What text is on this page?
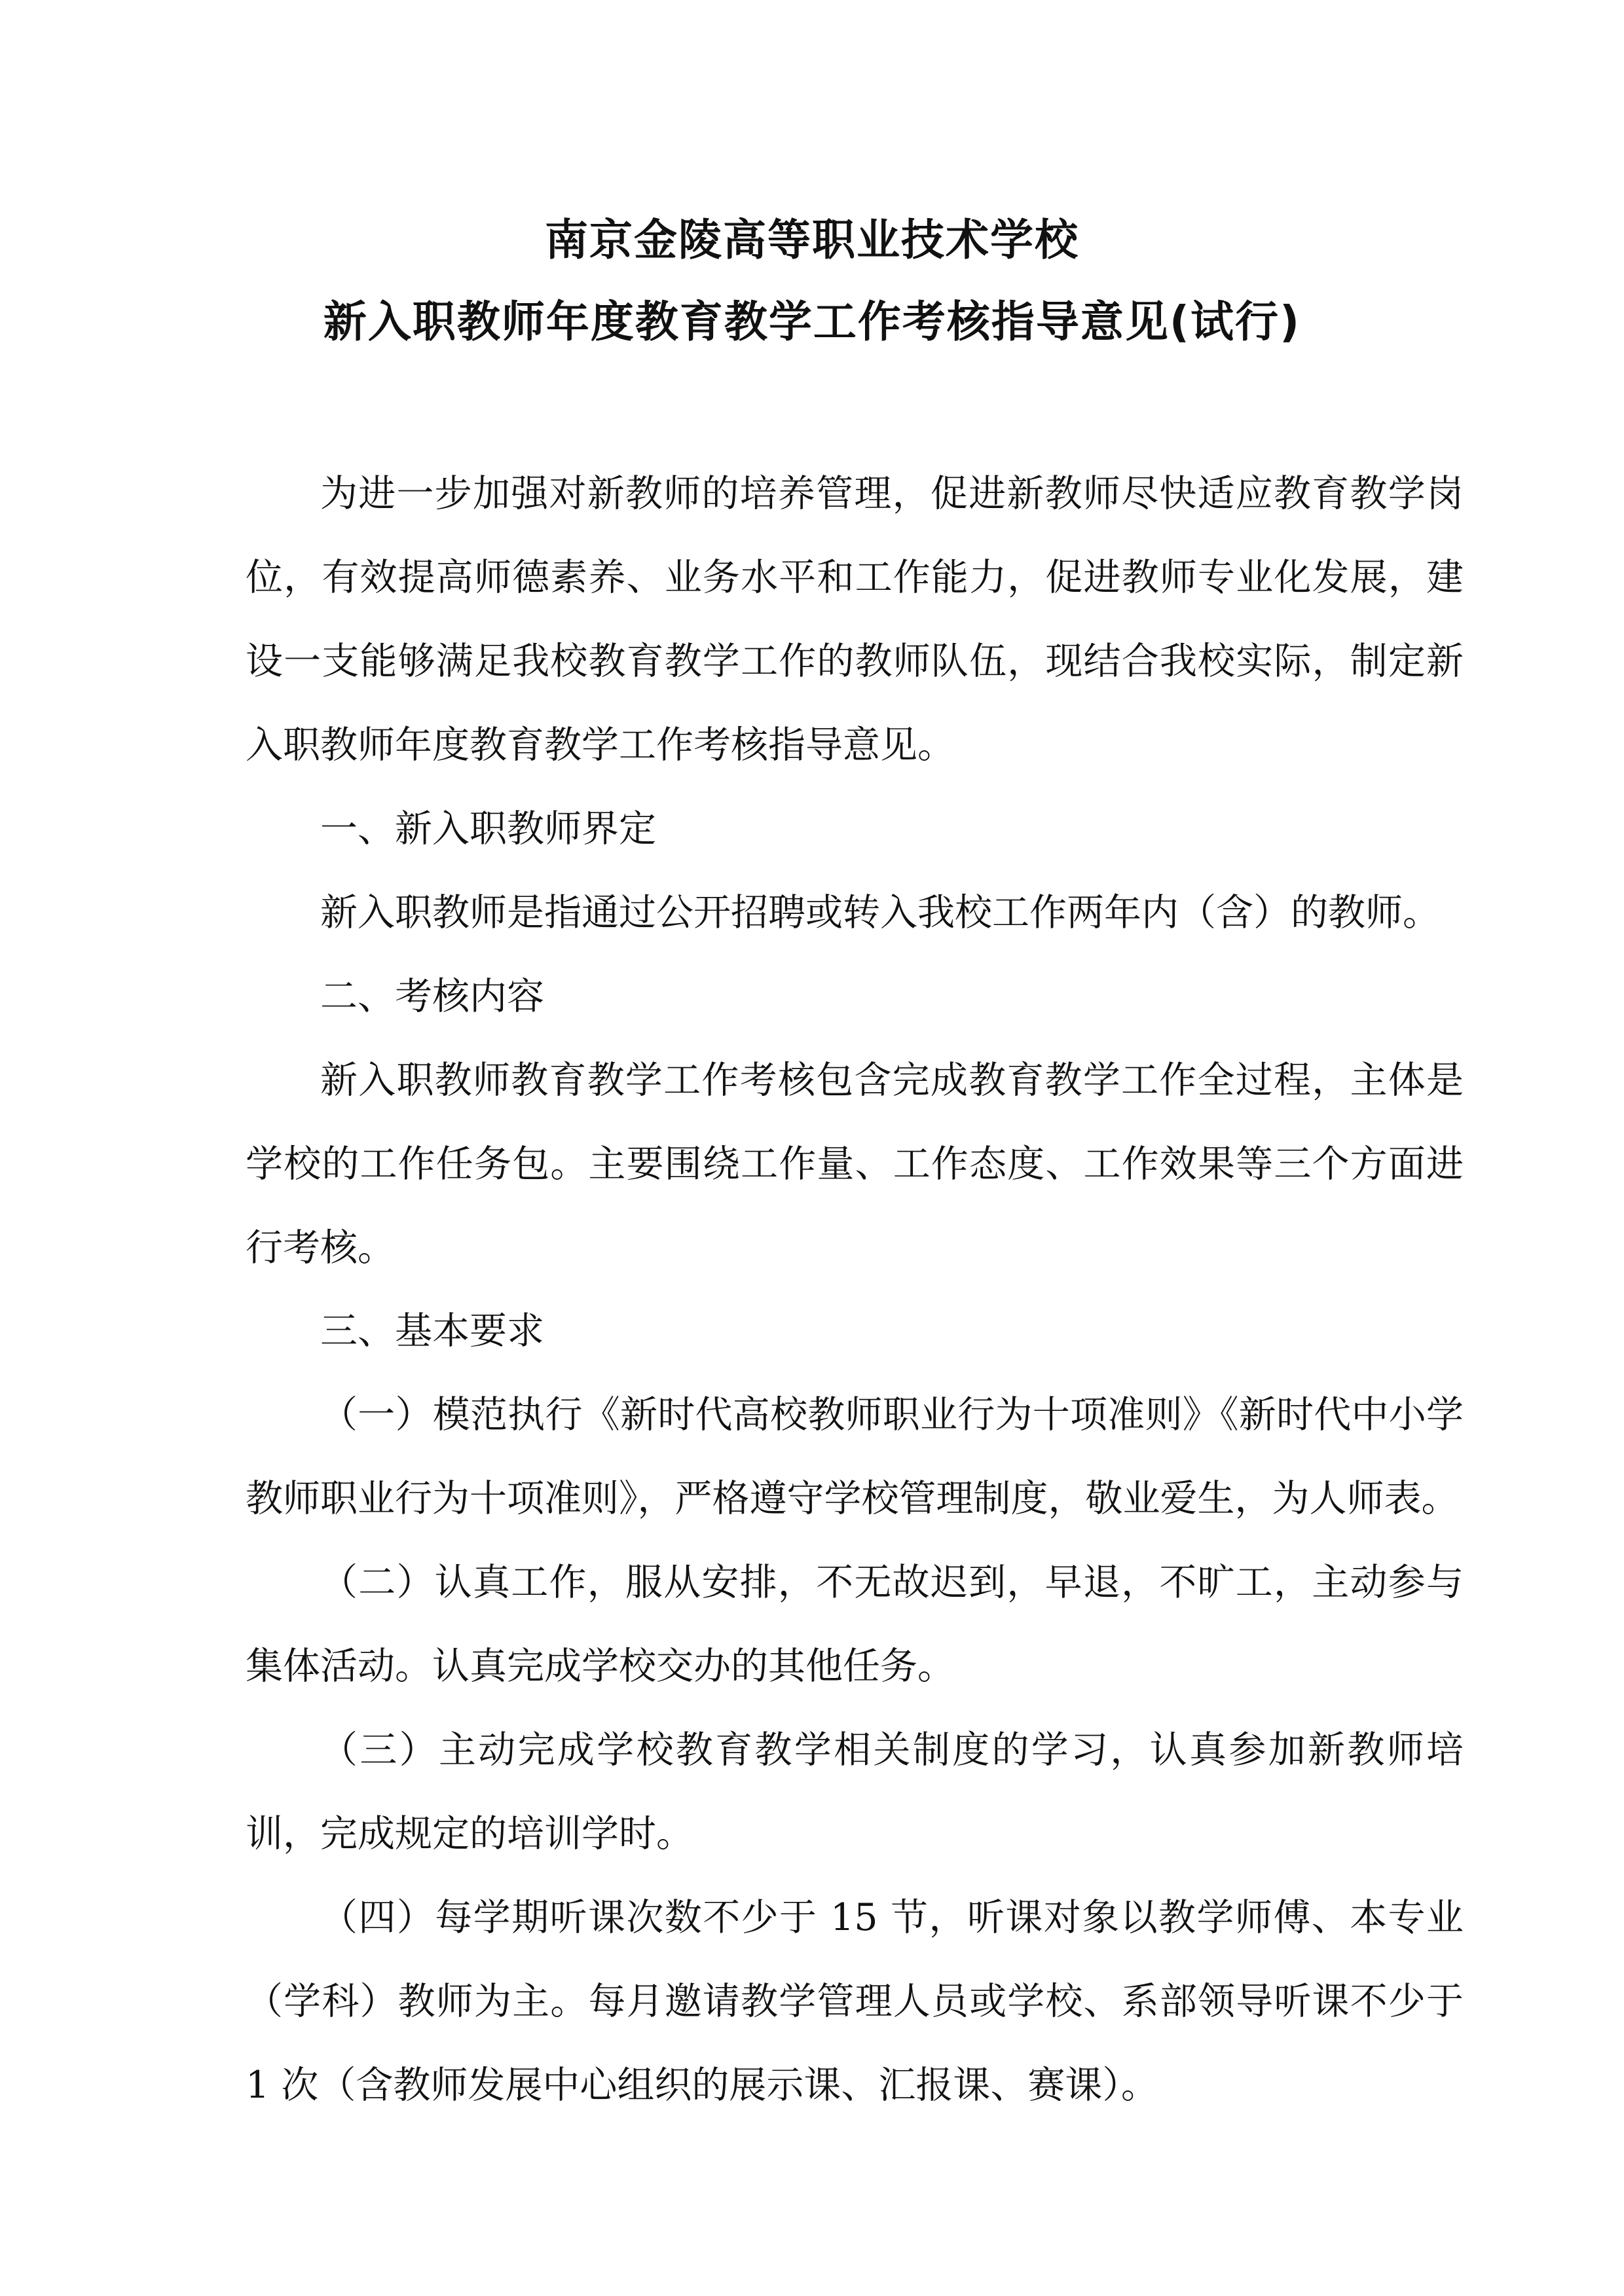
南京金陵高等职业技术学校
新入职教师年度教育教学工作考核指导意见(试行)

为进一步加强对新教师的培养管理，促进新教师尽快适应教育教学岗位，有效提高师德素养、业务水平和工作能力，促进教师专业化发展，建设一支能够满足我校教育教学工作的教师队伍，现结合我校实际，制定新入职教师年度教育教学工作考核指导意见。

一、新入职教师界定

新入职教师是指通过公开招聘或转入我校工作两年内（含）的教师。

二、考核内容

新入职教师教育教学工作考核包含完成教育教学工作全过程，主体是学校的工作任务包。主要围绕工作量、工作态度、工作效果等三个方面进行考核。

三、基本要求

（一）模范执行《新时代高校教师职业行为十项准则》《新时代中小学教师职业行为十项准则》，严格遵守学校管理制度，敬业爱生，为人师表。

（二）认真工作，服从安排，不无故迟到，早退，不旷工，主动参与集体活动。认真完成学校交办的其他任务。

（三）主动完成学校教育教学相关制度的学习，认真参加新教师培训，完成规定的培训学时。

（四）每学期听课次数不少于 15 节，听课对象以教学师傅、本专业（学科）教师为主。每月邀请教学管理人员或学校、系部领导听课不少于 1 次（含教师发展中心组织的展示课、汇报课、赛课）。
